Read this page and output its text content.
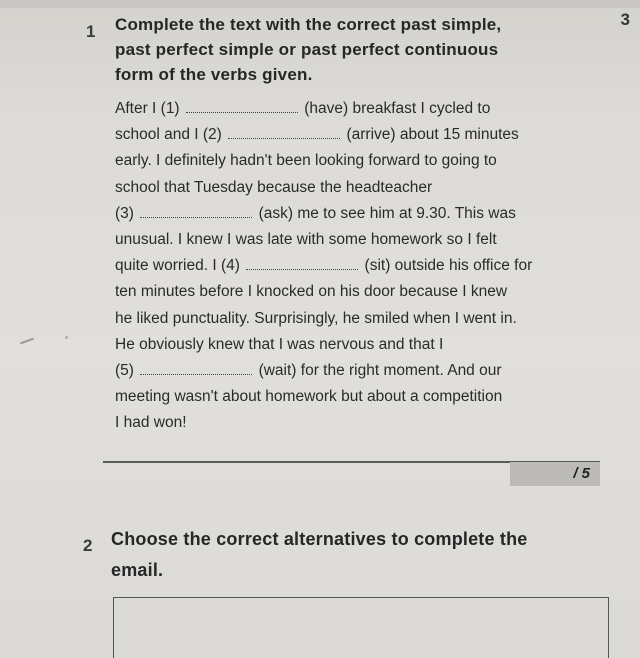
3
1 Complete the text with the correct past simple,
past perfect simple or past perfect continuous
form of the verbs given.
After I (1)	(have) breakfast I cycled to
school and I (2)	(arrive) about 15 minutes
early. I definitely hadn't been looking forward to going to
school that Tuesday because the headteacher
(3)	(ask) me to see him at 9.30. This was
unusual. I knew I was late with some homework so I felt
quite worried. I (4)	(sit) outside his office for
ten minutes before I knocked on his door because I knew
he liked punctuality. Surprisingly, he smiled when I went in.
He obviously knew that I was nervous and that I
(5)	(wait) for the right moment. And our
meeting wasn't about homework but about a competition
I had won!
/ 5
2 Choose the correct alternatives to complete the
email.
